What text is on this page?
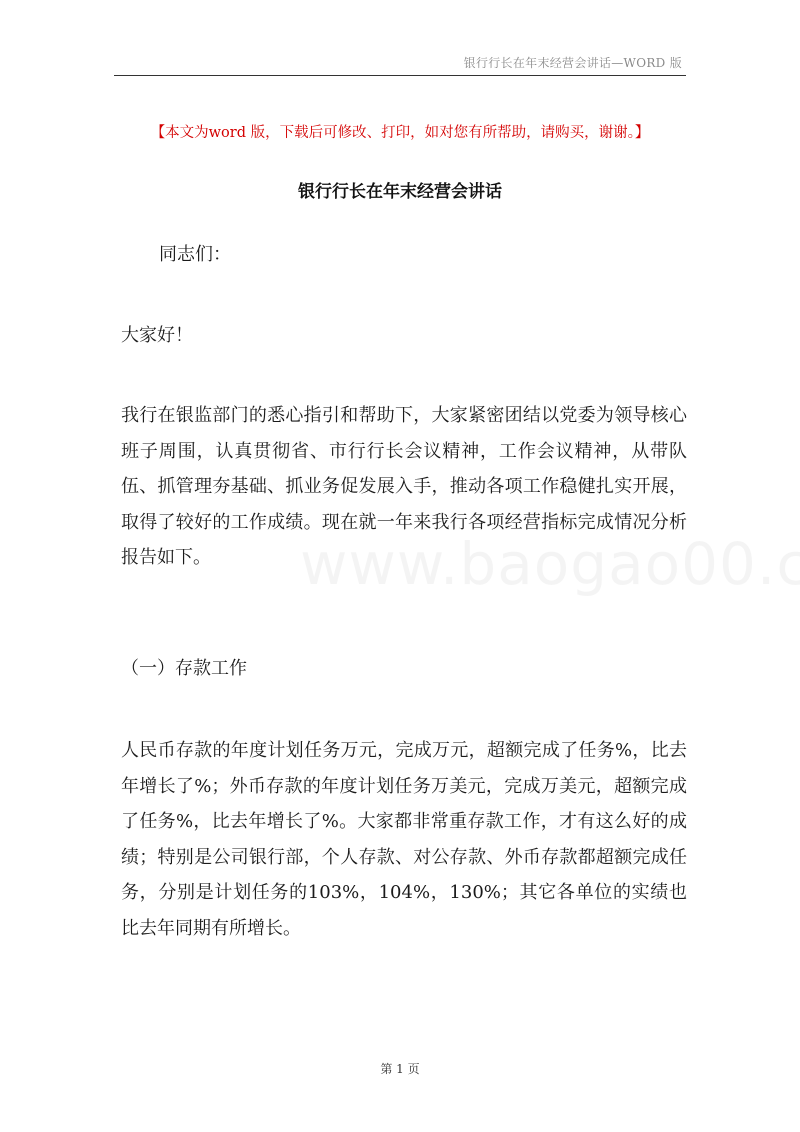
银行行长在年末经营会讲话—WORD 版
【本文为word 版，下载后可修改、打印，如对您有所帮助，请购买，谢谢。】
银行行长在年末经营会讲话
同志们：
大家好！
我行在银监部门的悉心指引和帮助下，大家紧密团结以党委为领导核心班子周围，认真贯彻省、市行行长会议精神，工作会议精神，从带队伍、抓管理夯基础、抓业务促发展入手，推动各项工作稳健扎实开展，取得了较好的工作成绩。现在就一年来我行各项经营指标完成情况分析报告如下。
（一）存款工作
人民币存款的年度计划任务万元，完成万元，超额完成了任务%，比去年增长了%；外币存款的年度计划任务万美元，完成万美元，超额完成了任务%，比去年增长了%。大家都非常重存款工作，才有这么好的成绩；特别是公司银行部，个人存款、对公存款、外币存款都超额完成任务，分别是计划任务的103%，104%，130%；其它各单位的实绩也比去年同期有所增长。
第 1 页
